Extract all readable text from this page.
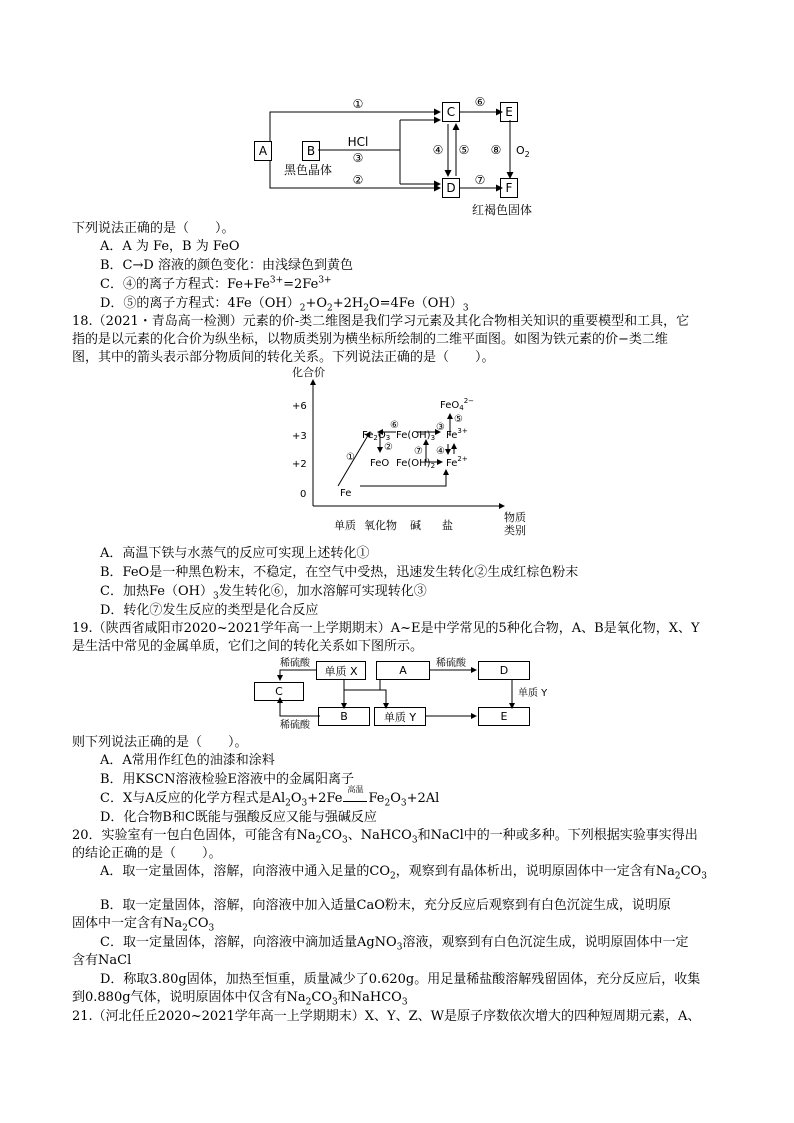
①
②
HCl
③
④ ⑤
⑥
⑦
⑧ $O_2$
黑色晶体
红褐色固体
A	B
C
D
E
F
下列说法正确的是（　　）。
A．A 为 Fe，B 为 FeO
B．C→D 溶液的颜色变化：由浅绿色到黄色
C．④的离子方程式：$Fe+Fe^{3+}=2Fe^{3+}$
D．⑤的离子方程式：$4Fe(OH)_2+O_2+2H_2O=4Fe(OH)_3$
18.（2021・青岛高一检测）元素的价-类二维图是我们学习元素及其化合物相关知识的重要模型和工具，它
指的是以元素的化合价为纵坐标，以物质类别为横坐标所绘制的二维平面图。如图为铁元素的价−类二维
图，其中的箭头表示部分物质间的转化关系。下列说法正确的是（　　）。
化合价
物质
类别
+6
+3
+2
0
单质 氧化物 碱 盐
Fe
FeO $Fe(OH)_2$
$Fe_2O_3$ $Fe(OH)_3$ $Fe^{3+}$
$Fe^{2+}$
FeO$_4^{2-}$
①
②
③
④
⑤
⑥
⑦
A．高温下铁与水蒸气的反应可实现上述转化①
B．FeO是一种黑色粉末，不稳定，在空气中受热，迅速发生转化②生成红棕色粉末
C．加热$Fe(OH)_3$发生转化⑥，加水溶解可实现转化③
D．转化⑦发生反应的类型是化合反应
19.（陕西省咸阳市2020~2021学年高一上学期期末）A~E是中学常见的5种化合物，A、B是氧化物，X、Y
是生活中常见的金属单质，它们之间的转化关系如下图所示。
稀硫酸	稀硫酸
稀硫酸
单质 Y
单质 X	A	D
C
B	单质 Y	E
则下列说法正确的是（　　）。
A．A常用作红色的油漆和涂料
B．用KSCN溶液检验E溶液中的金属阳离子
C．X与A反应的化学方程式是$Al_2O_3+2Fe$
高温
$Fe_2O_3+2Al$
D．化合物B和C既能与强酸反应又能与强碱反应
20．实验室有一包白色固体，可能含有$Na_2CO_3$、NaHCO$_3$和NaCl中的一种或多种。下列根据实验事实得出
的结论正确的是（　　）。
A．取一定量固体，溶解，向溶液中通入足量的$CO_2$，观察到有晶体析出，说明原固体中一定含有$Na_2CO_3$
B．取一定量固体，溶解，向溶液中加入适量CaO粉末，充分反应后观察到有白色沉淀生成，说明原
固体中一定含有$Na_2CO_3$
C．取一定量固体，溶解，向溶液中滴加适量AgNO$_3$溶液，观察到有白色沉淀生成，说明原固体中一定
含有NaCl
D．称取3.80g固体，加热至恒重，质量减少了0.620g。用足量稀盐酸溶解残留固体，充分反应后，收集
到0.880g气体，说明原固体中仅含有$Na_2CO_3$和NaHCO$_3$
21.（河北任丘2020~2021学年高一上学期期末）X、Y、Z、W是原子序数依次增大的四种短周期元素，A、
